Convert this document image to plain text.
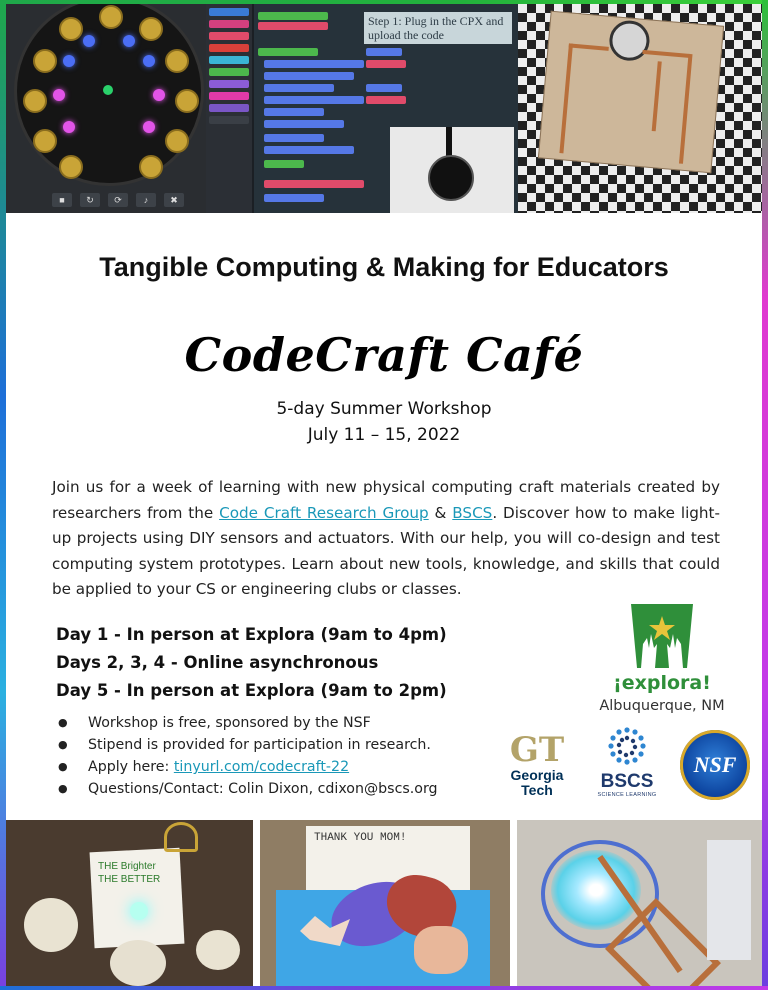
■	↻	⟳	♪	✖
Step 1: Plug in the CPX and upload the code
Tangible Computing & Making for Educators
CodeCraft Café
5-day Summer Workshop
July 11 – 15, 2022

Join us for a week of learning with new physical computing craft materials created by researchers from the Code Craft Research Group & BSCS. Discover how to make light-up projects using DIY sensors and actuators. With our help, you will co-design and test computing system prototypes. Learn about new tools, knowledge, and skills that could be applied to your CS or engineering clubs or classes.

Day 1 - In person at Explora (9am to 4pm)
Days 2, 3, 4 - Online asynchronous
Day 5 - In person at Explora (9am to 2pm)
● Workshop is free, sponsored by the NSF
● Stipend is provided for participation in research.
● Apply here: tinyurl.com/codecraft-22
● Questions/Contact: Colin Dixon, cdixon@bscs.org
¡explora!
Albuquerque, NM
GT
Georgia
Tech	BSCS
SCIENCE LEARNING
NSF
THE Brighter THE BETTER
THANK YOU MOM!
